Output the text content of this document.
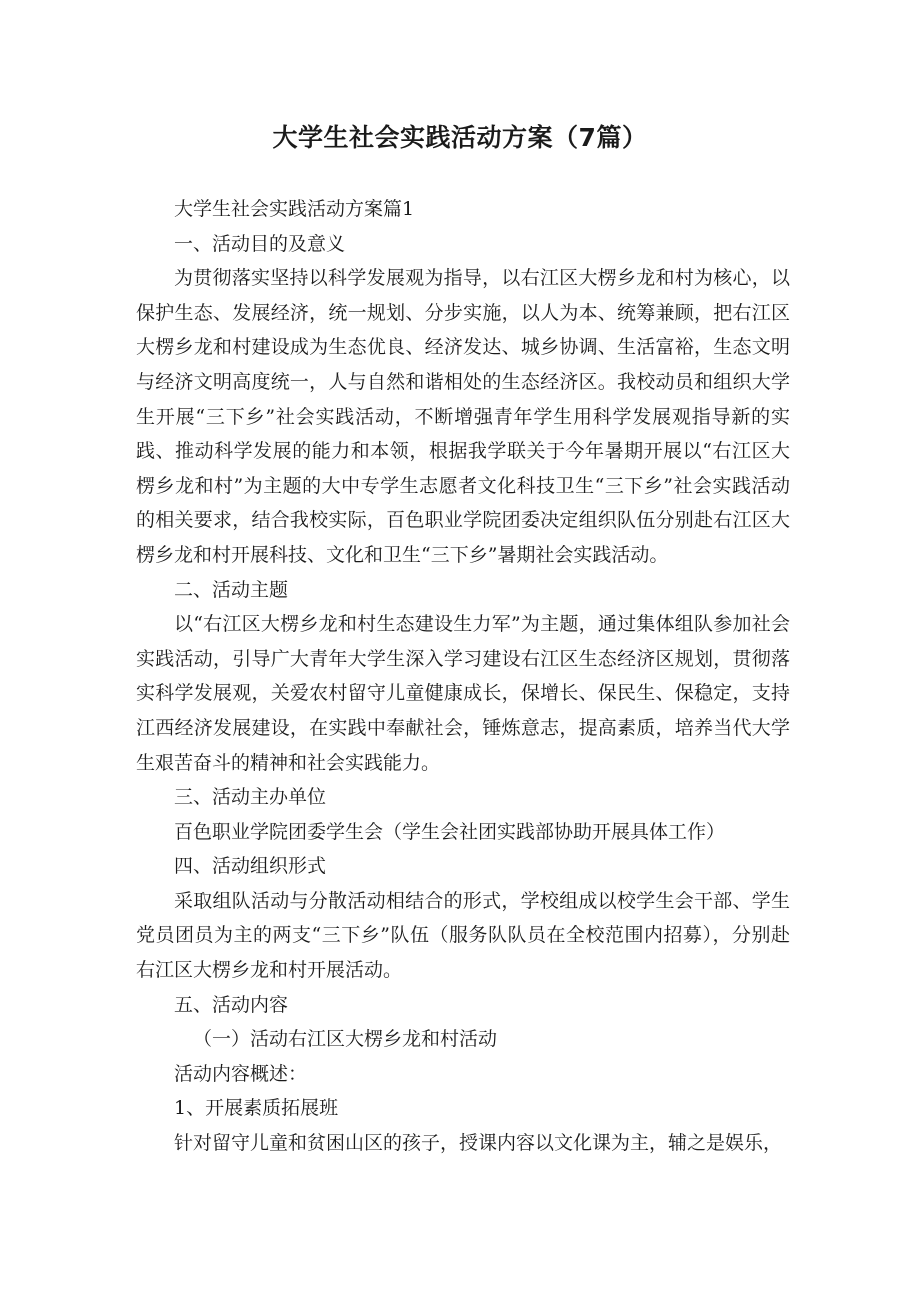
大学生社会实践活动方案（7篇）

大学生社会实践活动方案篇1

一、活动目的及意义

为贯彻落实坚持以科学发展观为指导，以右江区大楞乡龙和村为核心，以保护生态、发展经济，统一规划、分步实施，以人为本、统筹兼顾，把右江区大楞乡龙和村建设成为生态优良、经济发达、城乡协调、生活富裕，生态文明与经济文明高度统一，人与自然和谐相处的生态经济区。我校动员和组织大学生开展“三下乡”社会实践活动，不断增强青年学生用科学发展观指导新的实践、推动科学发展的能力和本领，根据我学联关于今年暑期开展以“右江区大楞乡龙和村”为主题的大中专学生志愿者文化科技卫生“三下乡”社会实践活动的相关要求，结合我校实际，百色职业学院团委决定组织队伍分别赴右江区大楞乡龙和村开展科技、文化和卫生“三下乡”暑期社会实践活动。

二、活动主题

以“右江区大楞乡龙和村生态建设生力军”为主题，通过集体组队参加社会实践活动，引导广大青年大学生深入学习建设右江区生态经济区规划，贯彻落实科学发展观，关爱农村留守儿童健康成长，保增长、保民生、保稳定，支持江西经济发展建设，在实践中奉献社会，锤炼意志，提高素质，培养当代大学生艰苦奋斗的精神和社会实践能力。

三、活动主办单位

百色职业学院团委学生会（学生会社团实践部协助开展具体工作）

四、活动组织形式

采取组队活动与分散活动相结合的形式，学校组成以校学生会干部、学生党员团员为主的两支“三下乡”队伍（服务队队员在全校范围内招募），分别赴右江区大楞乡龙和村开展活动。

五、活动内容

（一）活动右江区大楞乡龙和村活动

活动内容概述：

1、开展素质拓展班

针对留守儿童和贫困山区的孩子，授课内容以文化课为主，辅之是娱乐，
